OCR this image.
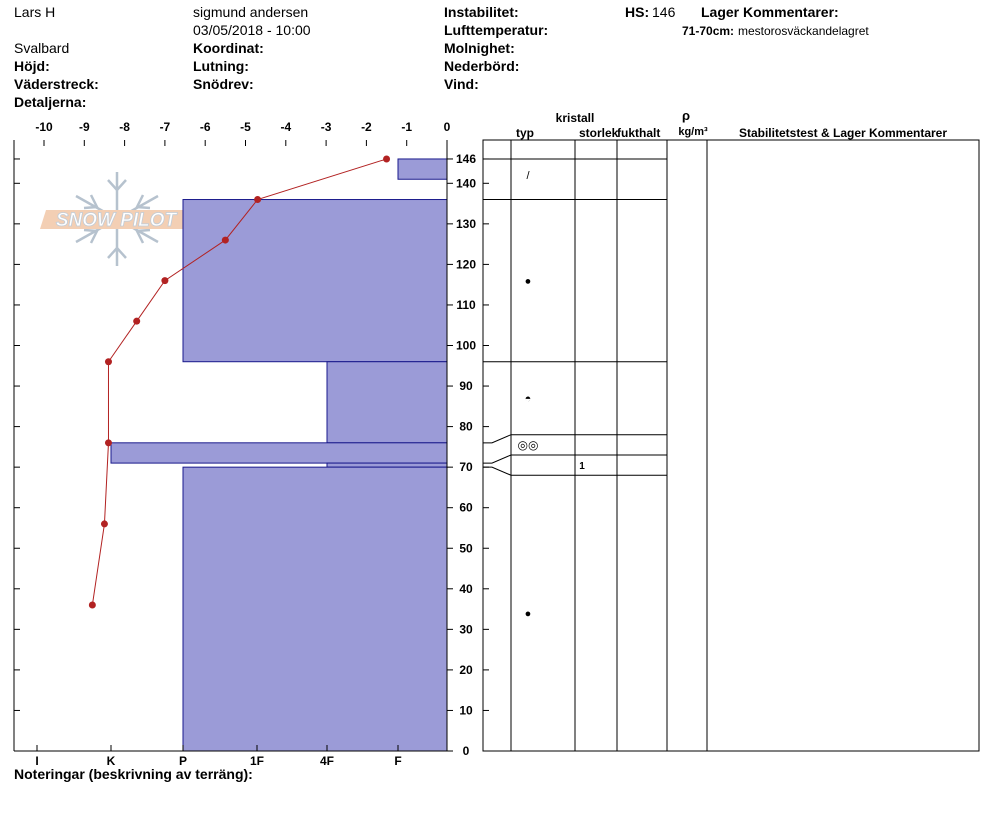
Lars H	sigmund andersen
03/05/2018 - 10:00
Svalbard
Höjd:
Väderstreck:
Detaljerna:
Koordinat:
Lutning:
Snödrev:
Instabilitet:
Lufttemperatur:
Molnighet:
Nederbörd:
Vind:
HS: 146 Lager Kommentarer:
71-70cm: mestorosväckandelagret
Noteringar (beskrivning av terräng):
SNOW PILOT
-10 -9 -8 -7 -6 -5 -4 -3 -2 -1	0
I	K	P	1F	4F	F
0
10
20
30
40
50
60
70
80
90
100
110
120
130
140
146
/
●
◓
◎◎
●
1
kristall
typ	storlek
fukthalt
ρ
kg/m³	Stabilitetstest & Lager Kommentarer
